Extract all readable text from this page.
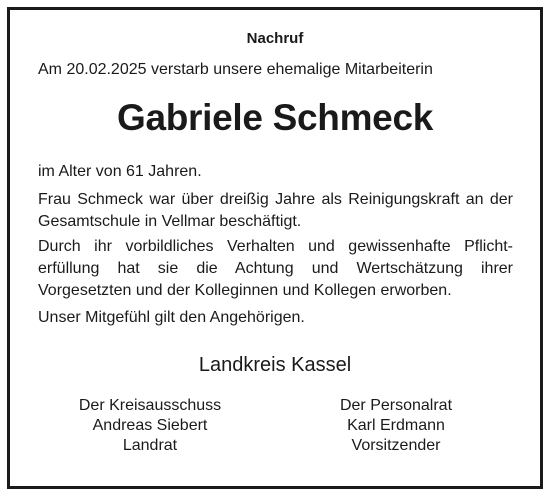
Nachruf
Am 20.02.2025 verstarb unsere ehemalige Mitarbeiterin
Gabriele Schmeck
im Alter von 61 Jahren.
Frau Schmeck war über dreißig Jahre als Reinigungskraft an der Gesamtschule in Vellmar beschäftigt.
Durch ihr vorbildliches Verhalten und gewissenhafte Pflichterfüllung hat sie die Achtung und Wertschätzung ihrer Vorgesetzten und der Kolleginnen und Kollegen erworben.
Unser Mitgefühl gilt den Angehörigen.
Landkreis Kassel
Der Kreisausschuss
Andreas Siebert
Landrat
Der Personalrat
Karl Erdmann
Vorsitzender
